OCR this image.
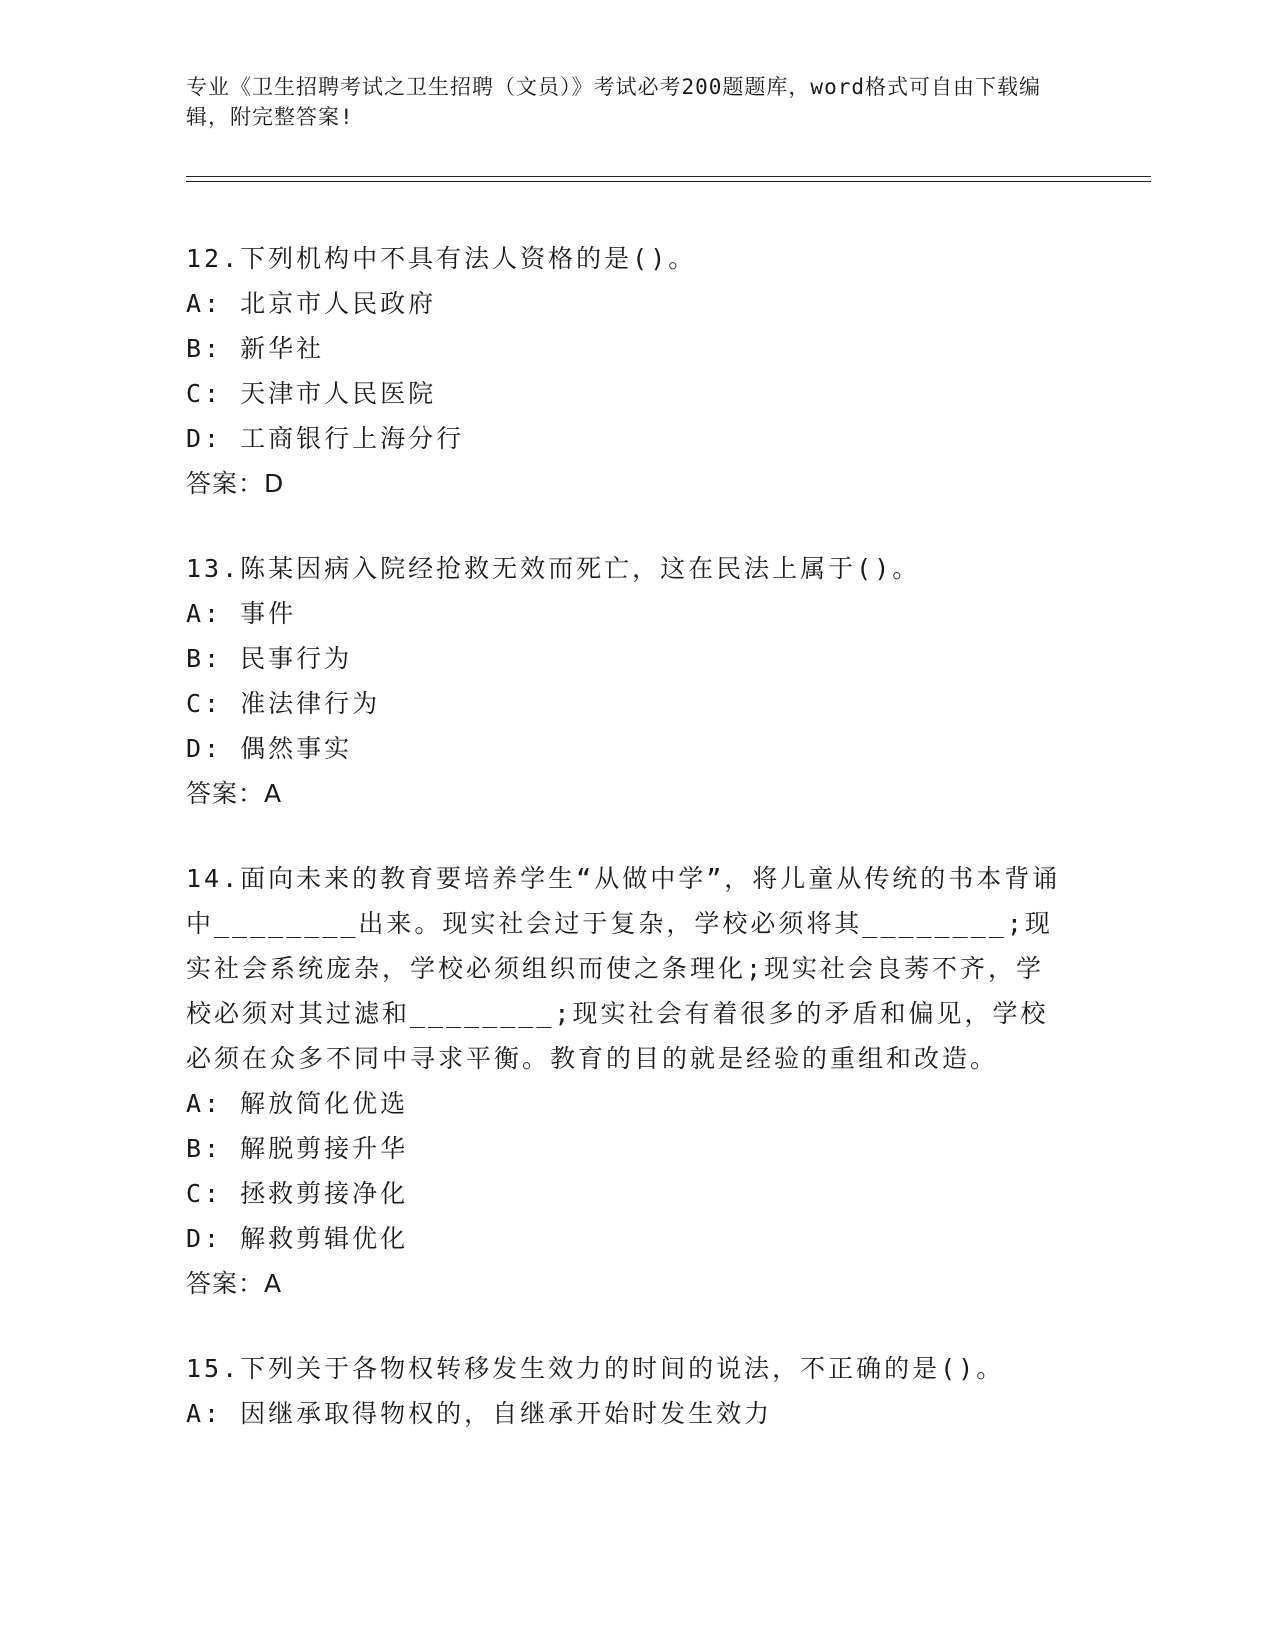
专业《卫生招聘考试之卫生招聘（文员）》考试必考200题题库，word格式可自由下载编辑，附完整答案!
12.下列机构中不具有法人资格的是()。
A: 北京市人民政府
B: 新华社
C: 天津市人民医院
D: 工商银行上海分行
答案：D
13.陈某因病入院经抢救无效而死亡，这在民法上属于()。
A: 事件
B: 民事行为
C: 准法律行为
D: 偶然事实
答案：A
14.面向未来的教育要培养学生“从做中学”，将儿童从传统的书本背诵中________出来。现实社会过于复杂，学校必须将其________;现实社会系统庞杂，学校必须组织而使之条理化;现实社会良莠不齐，学校必须对其过滤和________;现实社会有着很多的矛盾和偏见，学校必须在众多不同中寻求平衡。教育的目的就是经验的重组和改造。
A: 解放简化优选
B: 解脱剪接升华
C: 拯救剪接净化
D: 解救剪辑优化
答案：A
15.下列关于各物权转移发生效力的时间的说法，不正确的是()。
A: 因继承取得物权的，自继承开始时发生效力
